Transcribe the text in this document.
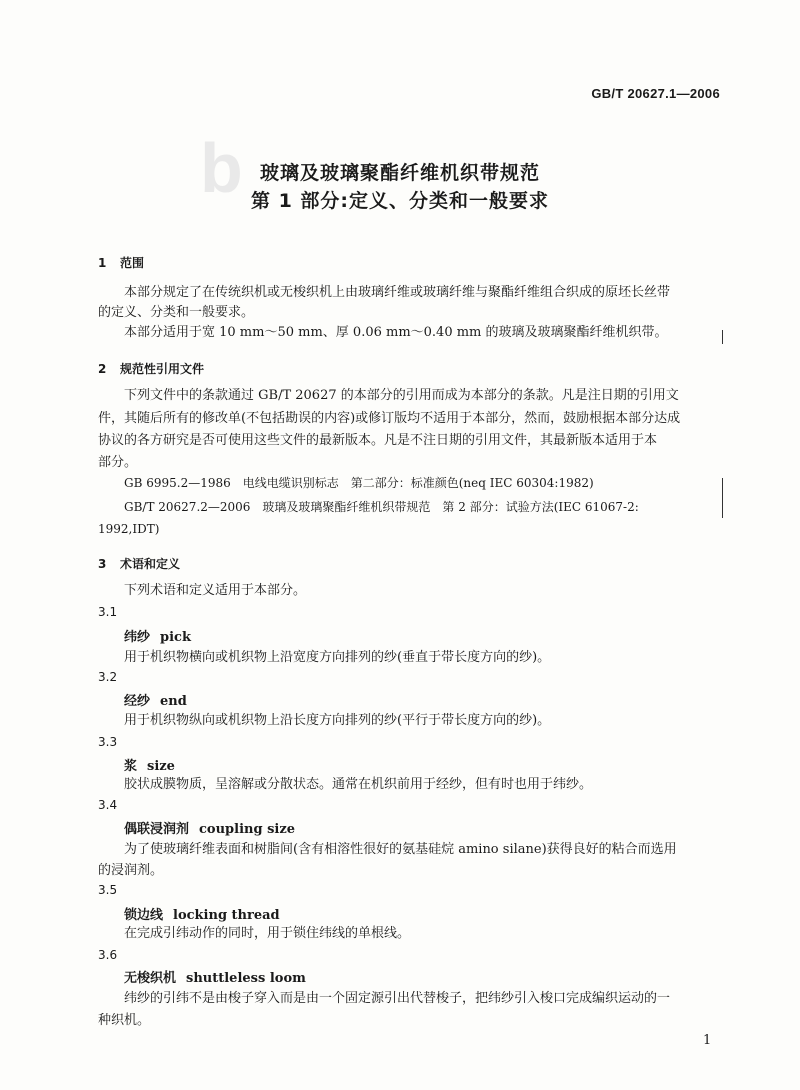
b
GB/T 20627.1—2006
玻璃及玻璃聚酯纤维机织带规范
第 1 部分:定义、分类和一般要求
1 范围
本部分规定了在传统织机或无梭织机上由玻璃纤维或玻璃纤维与聚酯纤维组合织成的原坯长丝带
的定义、分类和一般要求。
本部分适用于宽 10 mm～50 mm、厚 0.06 mm～0.40 mm 的玻璃及玻璃聚酯纤维机织带。
2 规范性引用文件
下列文件中的条款通过 GB/T 20627 的本部分的引用而成为本部分的条款。凡是注日期的引用文
件，其随后所有的修改单(不包括勘误的内容)或修订版均不适用于本部分，然而，鼓励根据本部分达成
协议的各方研究是否可使用这些文件的最新版本。凡是不注日期的引用文件，其最新版本适用于本
部分。
GB 6995.2—1986　电线电缆识别标志　第二部分：标准颜色(neq IEC 60304:1982)
GB/T 20627.2—2006　玻璃及玻璃聚酯纤维机织带规范　第 2 部分：试验方法(IEC 61067-2:
1992,IDT)
3 术语和定义
下列术语和定义适用于本部分。
3.1
纬纱 pick
用于机织物横向或机织物上沿宽度方向排列的纱(垂直于带长度方向的纱)。
3.2
经纱 end
用于机织物纵向或机织物上沿长度方向排列的纱(平行于带长度方向的纱)。
3.3
浆 size
胶状成膜物质，呈溶解或分散状态。通常在机织前用于经纱，但有时也用于纬纱。
3.4
偶联浸润剂 coupling size
为了使玻璃纤维表面和树脂间(含有相溶性很好的氨基硅烷 amino silane)获得良好的粘合而选用
的浸润剂。
3.5
锁边线 locking thread
在完成引纬动作的同时，用于锁住纬线的单根线。
3.6
无梭织机 shuttleless loom
纬纱的引纬不是由梭子穿入而是由一个固定源引出代替梭子，把纬纱引入梭口完成编织运动的一
种织机。
1
